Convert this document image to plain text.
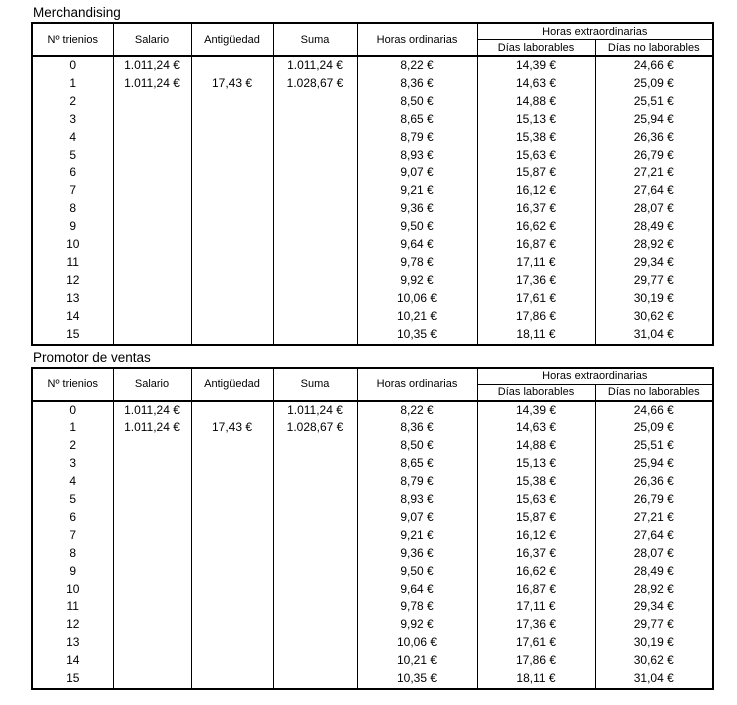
Merchandising
Nº trienios	Salario	Antigüedad	Suma	Horas ordinarias	Horas extraordinarias	
					Días laborables	Días no laborables
0	1.011,24 €		1.011,24 €	8,22 €	14,39 €	24,66 €
1	1.011,24 €	17,43 €	1.028,67 €	8,36 €	14,63 €	25,09 €
2				8,50 €	14,88 €	25,51 €
3				8,65 €	15,13 €	25,94 €
4				8,79 €	15,38 €	26,36 €
5				8,93 €	15,63 €	26,79 €
6				9,07 €	15,87 €	27,21 €
7				9,21 €	16,12 €	27,64 €
8				9,36 €	16,37 €	28,07 €
9				9,50 €	16,62 €	28,49 €
10				9,64 €	16,87 €	28,92 €
11				9,78 €	17,11 €	29,34 €
12				9,92 €	17,36 €	29,77 €
13				10,06 €	17,61 €	30,19 €
14				10,21 €	17,86 €	30,62 €
15				10,35 €	18,11 €	31,04 €
Promotor de ventas
Nº trienios	Salario	Antigüedad	Suma	Horas ordinarias	Horas extraordinarias	
					Días laborables	Días no laborables
0	1.011,24 €		1.011,24 €	8,22 €	14,39 €	24,66 €
1	1.011,24 €	17,43 €	1.028,67 €	8,36 €	14,63 €	25,09 €
2				8,50 €	14,88 €	25,51 €
3				8,65 €	15,13 €	25,94 €
4				8,79 €	15,38 €	26,36 €
5				8,93 €	15,63 €	26,79 €
6				9,07 €	15,87 €	27,21 €
7				9,21 €	16,12 €	27,64 €
8				9,36 €	16,37 €	28,07 €
9				9,50 €	16,62 €	28,49 €
10				9,64 €	16,87 €	28,92 €
11				9,78 €	17,11 €	29,34 €
12				9,92 €	17,36 €	29,77 €
13				10,06 €	17,61 €	30,19 €
14				10,21 €	17,86 €	30,62 €
15				10,35 €	18,11 €	31,04 €
